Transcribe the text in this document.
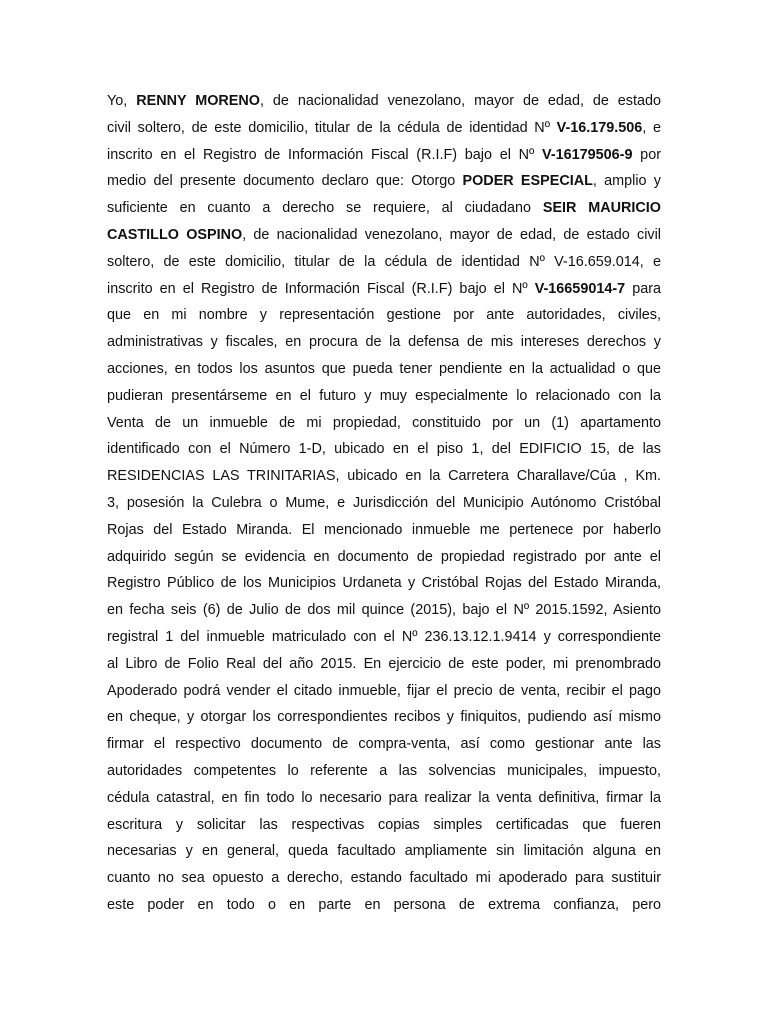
Yo, RENNY MORENO, de nacionalidad venezolano, mayor de edad, de estado
civil soltero, de este domicilio, titular de la cédula de identidad Nº V-16.179.506, e
inscrito en el Registro de Información Fiscal (R.I.F) bajo el Nº V-16179506-9 por
medio del presente documento declaro que: Otorgo PODER ESPECIAL, amplio y
suficiente en cuanto a derecho se requiere, al ciudadano SEIR MAURICIO
CASTILLO OSPINO, de nacionalidad venezolano, mayor de edad, de estado civil
soltero, de este domicilio, titular de la cédula de identidad Nº V-16.659.014, e
inscrito en el Registro de Información Fiscal (R.I.F) bajo el Nº V-16659014-7 para
que en mi nombre y representación gestione por ante autoridades, civiles,
administrativas y fiscales, en procura de la defensa de mis intereses derechos y
acciones, en todos los asuntos que pueda tener pendiente en la actualidad o que
pudieran presentárseme en el futuro y muy especialmente lo relacionado con la
Venta de un inmueble de mi propiedad, constituido por un (1) apartamento
identificado con el Número 1-D, ubicado en el piso 1, del EDIFICIO 15, de las
RESIDENCIAS LAS TRINITARIAS, ubicado en la Carretera Charallave/Cúa , Km.
3, posesión la Culebra o Mume, e Jurisdicción del Municipio Autónomo Cristóbal
Rojas del Estado Miranda. El mencionado inmueble me pertenece por haberlo
adquirido según se evidencia en documento de propiedad registrado por ante el
Registro Público de los Municipios Urdaneta y Cristóbal Rojas del Estado Miranda,
en fecha seis (6) de Julio de dos mil quince (2015), bajo el Nº 2015.1592, Asiento
registral 1 del inmueble matriculado con el Nº 236.13.12.1.9414 y correspondiente
al Libro de Folio Real del año 2015. En ejercicio de este poder, mi prenombrado
Apoderado podrá vender el citado inmueble, fijar el precio de venta, recibir el pago
en cheque, y otorgar los correspondientes recibos y finiquitos, pudiendo así mismo
firmar el respectivo documento de compra-venta, así como gestionar ante las
autoridades competentes lo referente a las solvencias municipales, impuesto,
cédula catastral, en fin todo lo necesario para realizar la venta definitiva, firmar la
escritura y solicitar las respectivas copias simples certificadas que fueren
necesarias y en general, queda facultado ampliamente sin limitación alguna en
cuanto no sea opuesto a derecho, estando facultado mi apoderado para sustituir
este poder en todo o en parte en persona de extrema confianza, pero
